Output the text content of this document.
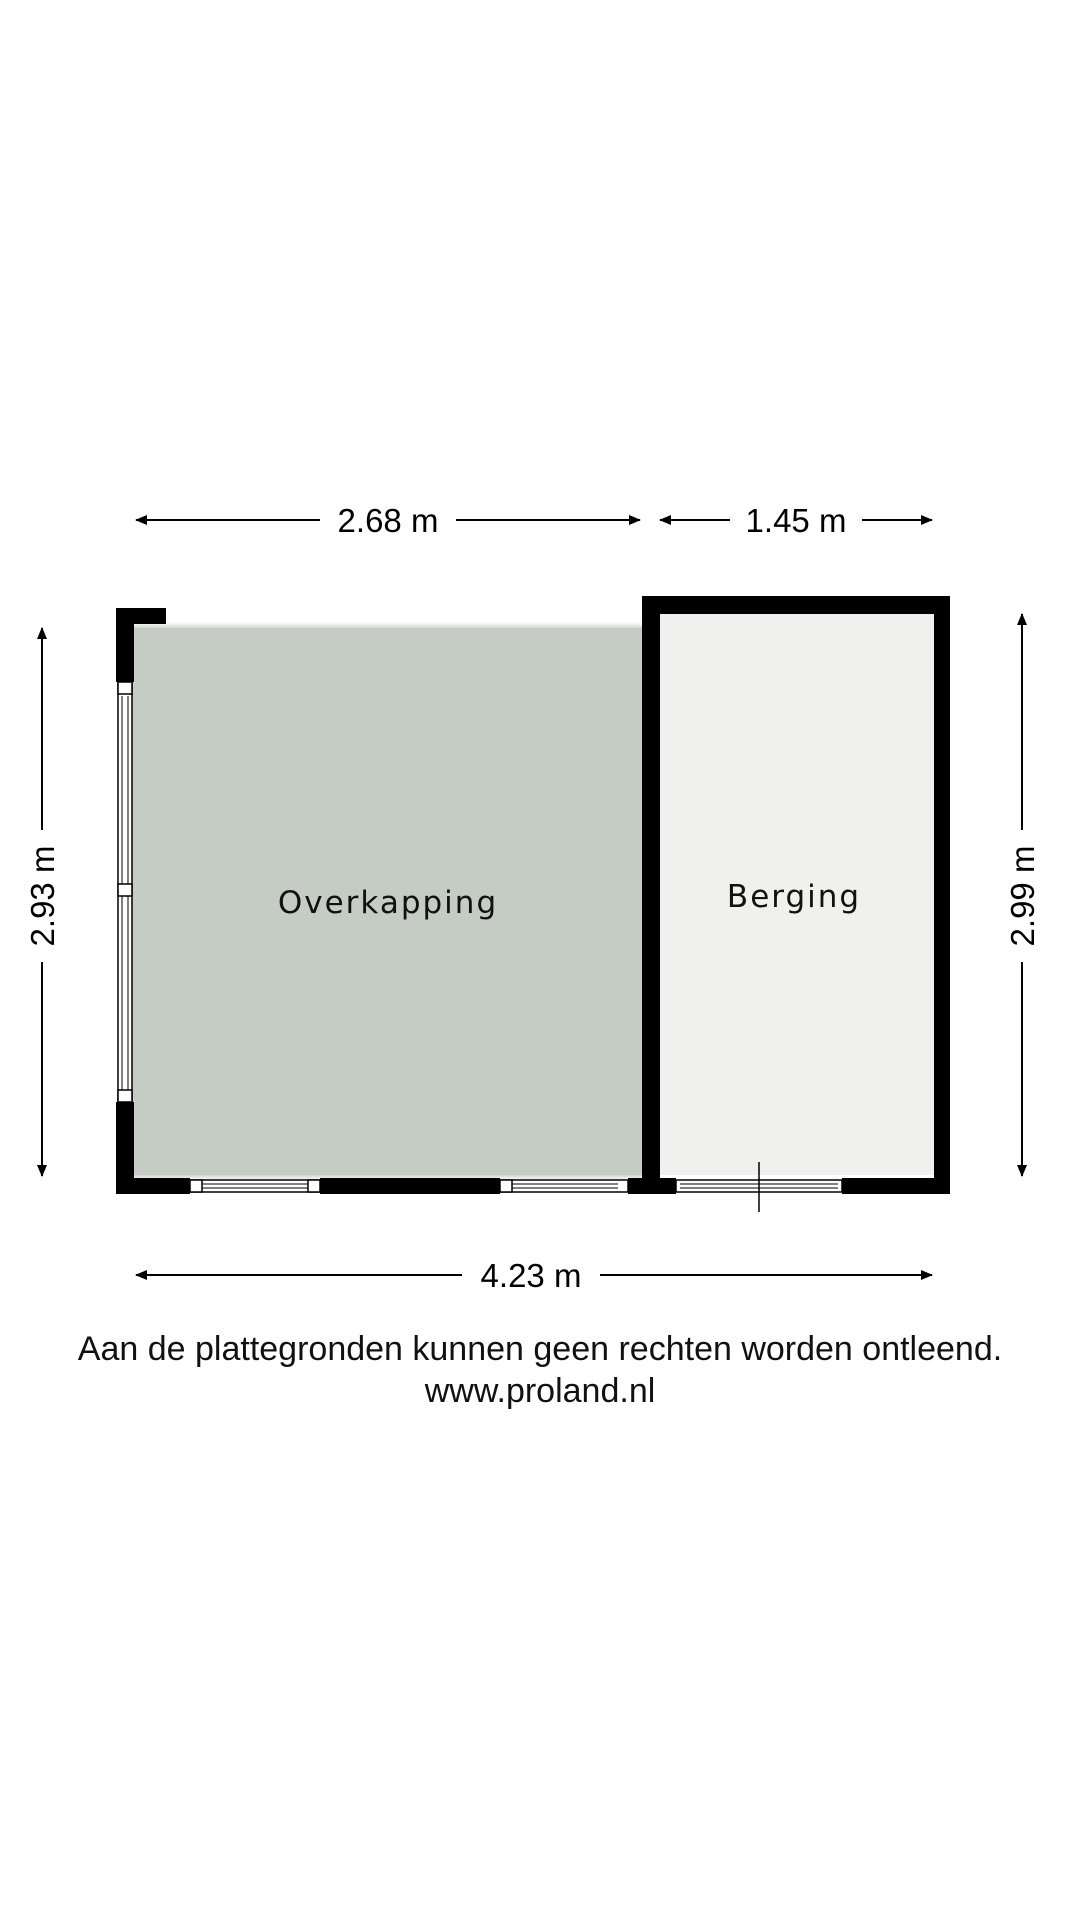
2.68 m	1.45 m
2.93 m	2.99 m
4.23 m
Overkapping	Berging

Aan de plattegronden kunnen geen rechten worden ontleend.

www.proland.nl
